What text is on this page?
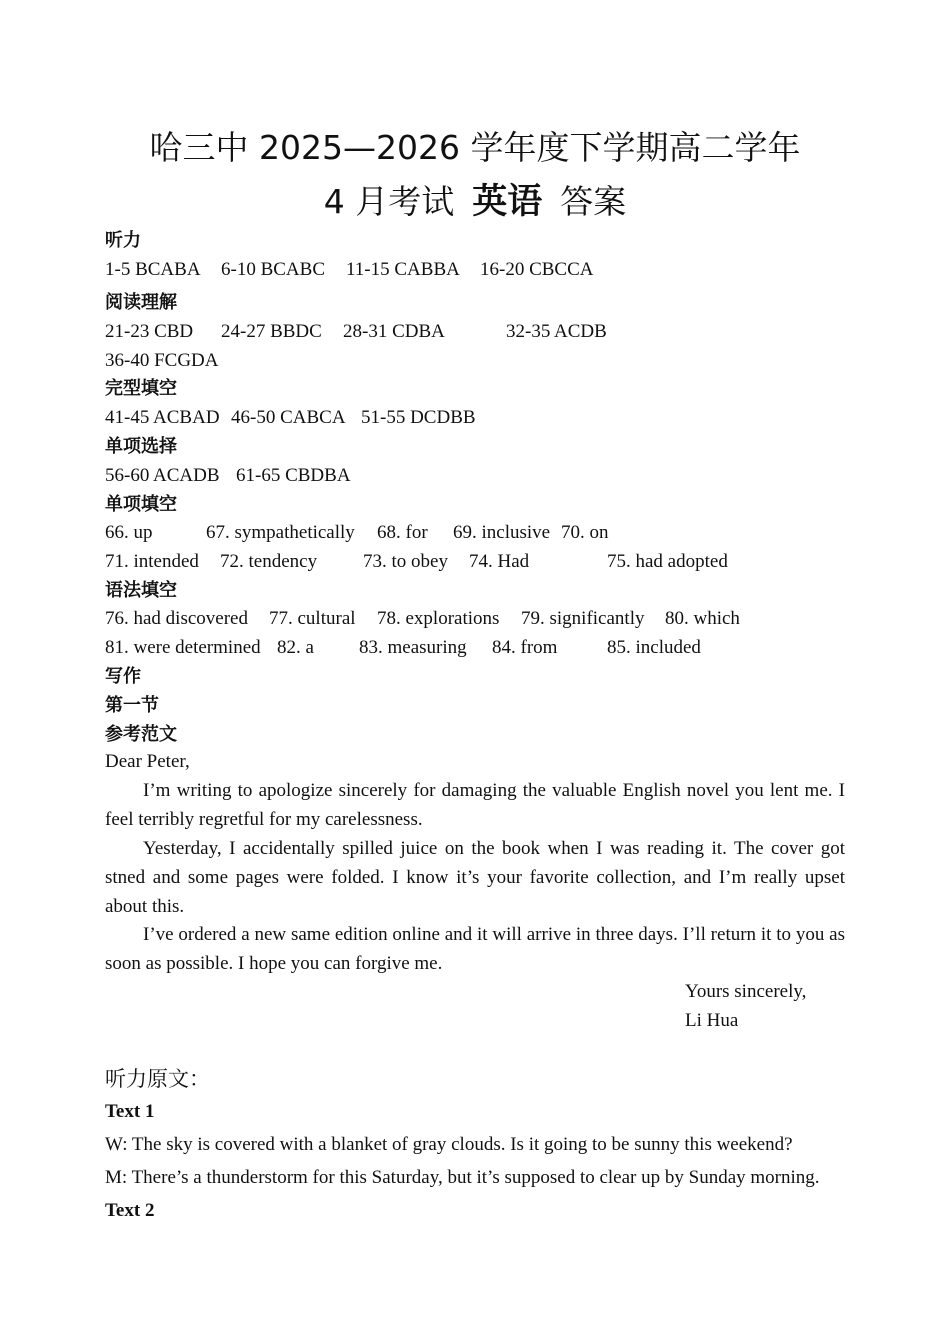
哈三中 2025—2026 学年度下学期高二学年
4 月考试 英语 答案
听力
1-5 BCABA 6-10 BCABC 11-15 CABBA 16-20 CBCCA
阅读理解
21-23 CBD 24-27 BBDC 28-31 CDBA	32-35 ACDB
36-40 FCGDA
完型填空
41-45 ACBAD 46-50 CABCA 51-55 DCDBB
单项选择
56-60 ACADB 61-65 CBDBA
单项填空
66. up	67. sympathetically 68. for 69. inclusive 70. on
71. intended 72. tendency 73. to obey 74. Had	75. had adopted
语法填空
76. had discovered 77. cultural 78. explorations 79. significantly 80. which
81. were determined 82. a 83. measuring 84. from	85. included
写作
第一节
参考范文
Dear Peter,
I’m writing to apologize sincerely for damaging the valuable English novel you lent me. I feel terribly regretful for my carelessness.
Yesterday, I accidentally spilled juice on the book when I was reading it. The cover got stned and some pages were folded. I know it’s your favorite collection, and I’m really upset about this.
I’ve ordered a new same edition online and it will arrive in three days. I’ll return it to you as soon as possible. I hope you can forgive me.
Yours sincerely,
Li Hua
听力原文：
Text 1
W: The sky is covered with a blanket of gray clouds. Is it going to be sunny this weekend?
M: There’s a thunderstorm for this Saturday, but it’s supposed to clear up by Sunday morning.
Text 2
